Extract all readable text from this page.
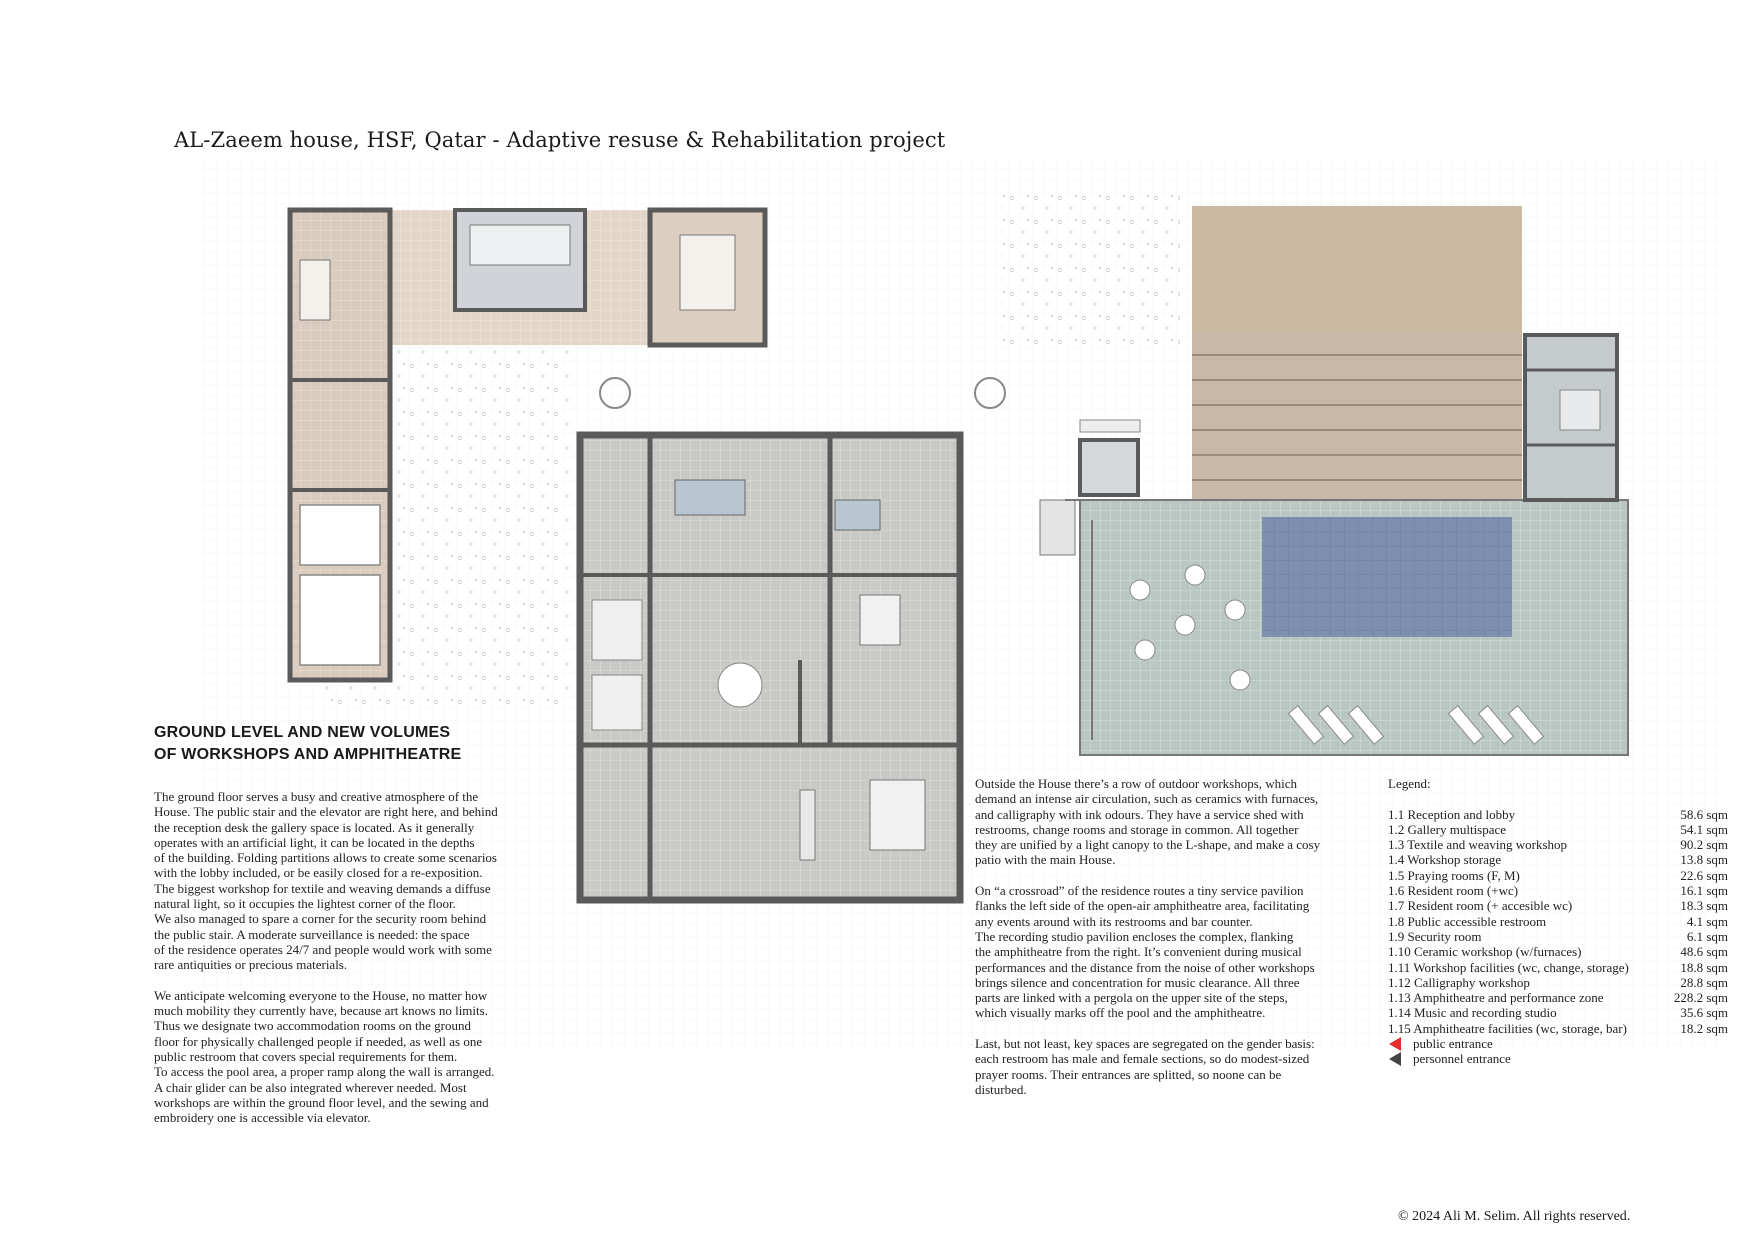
AL-Zaeem house, HSF, Qatar - Adaptive resuse & Rehabilitation project
GROUND LEVEL AND NEW VOLUMES
OF WORKSHOPS AND AMPHITHEATRE

The ground floor serves a busy and creative atmosphere of the
House. The public stair and the elevator are right here, and behind
the reception desk the gallery space is located. As it generally
operates with an artificial light, it can be located in the depths
of the building. Folding partitions allows to create some scenarios
with the lobby included, or be easily closed for a re-exposition.
The biggest workshop for textile and weaving demands a diffuse
natural light, so it occupies the lightest corner of the floor.
We also managed to spare a corner for the security room behind
the public stair. A moderate surveillance is needed: the space
of the residence operates 24/7 and people would work with some
rare antiquities or precious materials.

We anticipate welcoming everyone to the House, no matter how
much mobility they currently have, because art knows no limits.
Thus we designate two accommodation rooms on the ground
floor for physically challenged people if needed, as well as one
public restroom that covers special requirements for them.
To access the pool area, a proper ramp along the wall is arranged.
A chair glider can be also integrated wherever needed. Most
workshops are within the ground floor level, and the sewing and
embroidery one is accessible via elevator.

Outside the House there’s a row of outdoor workshops, which
demand an intense air circulation, such as ceramics with furnaces,
and calligraphy with ink odours. They have a service shed with
restrooms, change rooms and storage in common. All together
they are unified by a light canopy to the L-shape, and make a cosy
patio with the main House.

On “a crossroad” of the residence routes a tiny service pavilion
flanks the left side of the open-air amphitheatre area, facilitating
any events around with its restrooms and bar counter.
The recording studio pavilion encloses the complex, flanking
the amphitheatre from the right. It’s convenient during musical
performances and the distance from the noise of other workshops
brings silence and concentration for music clearance. All three
parts are linked with a pergola on the upper site of the steps,
which visually marks off the pool and the amphitheatre.

Last, but not least, key spaces are segregated on the gender basis:
each restroom has male and female sections, so do modest-sized
prayer rooms. Their entrances are splitted, so noone can be
disturbed.

Legend:
1.1 Reception and lobby	58.6 sqm
1.2 Gallery multispace	54.1 sqm
1.3 Textile and weaving workshop	90.2 sqm
1.4 Workshop storage	13.8 sqm
1.5 Praying rooms (F, M)	22.6 sqm
1.6 Resident room (+wc)	16.1 sqm
1.7 Resident room (+ accesible wc)	18.3 sqm
1.8 Public accessible restroom	4.1 sqm
1.9 Security room	6.1 sqm
1.10 Ceramic workshop (w/furnaces)	48.6 sqm
1.11 Workshop facilities (wc, change, storage)	18.8 sqm
1.12 Calligraphy workshop	28.8 sqm
1.13 Amphitheatre and performance zone	228.2 sqm
1.14 Music and recording studio	35.6 sqm
1.15 Amphitheatre facilities (wc, storage, bar)	18.2 sqm
public entrance
personnel entrance
© 2024 Ali M. Selim. All rights reserved.
